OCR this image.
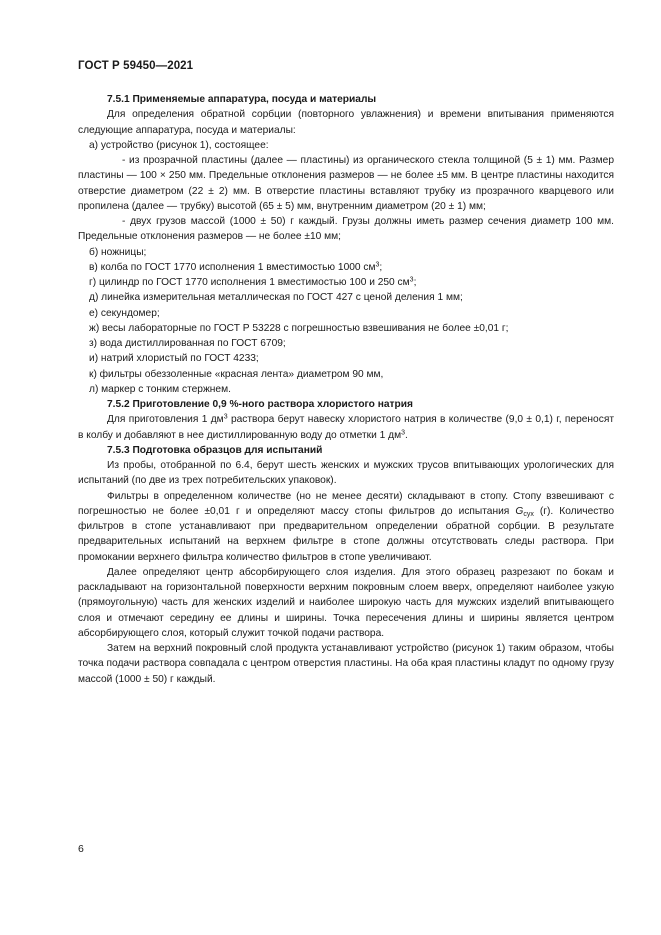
ГОСТ Р 59450—2021

7.5.1 Применяемые аппаратура, посуда и материалы

Для определения обратной сорбции (повторного увлажнения) и времени впитывания применяются следующие аппаратура, посуда и материалы:

а) устройство (рисунок 1), состоящее:

- из прозрачной пластины (далее — пластины) из органического стекла толщиной (5 ± 1) мм. Размер пластины — 100 × 250 мм. Предельные отклонения размеров — не более ±5 мм. В центре пластины находится отверстие диаметром (22 ± 2) мм. В отверстие пластины вставляют трубку из прозрачного кварцевого или пропилена (далее — трубку) высотой (65 ± 5) мм, внутренним диаметром (20 ± 1) мм;

- двух грузов массой (1000 ± 50) г каждый. Грузы должны иметь размер сечения диаметр 100 мм. Предельные отклонения размеров — не более ±10 мм;

б) ножницы;

в) колба по ГОСТ 1770 исполнения 1 вместимостью 1000 $см^3$;

г) цилиндр по ГОСТ 1770 исполнения 1 вместимостью 100 и 250 $см^3$;

д) линейка измерительная металлическая по ГОСТ 427 с ценой деления 1 мм;

е) секундомер;

ж) весы лабораторные по ГОСТ Р 53228 с погрешностью взвешивания не более ±0,01 г;

з) вода дистиллированная по ГОСТ 6709;

и) натрий хлористый по ГОСТ 4233;

к) фильтры обеззоленные «красная лента» диаметром 90 мм,

л) маркер с тонким стержнем.

7.5.2 Приготовление 0,9 %-ного раствора хлористого натрия

Для приготовления 1 $дм^3$ раствора берут навеску хлористого натрия в количестве (9,0 ± 0,1) г, переносят в колбу и добавляют в нее дистиллированную воду до отметки 1 $дм^3$.

7.5.3 Подготовка образцов для испытаний

Из пробы, отобранной по 6.4, берут шесть женских и мужских трусов впитывающих урологических для испытаний (по две из трех потребительских упаковок).

Фильтры в определенном количестве (но не менее десяти) складывают в стопу. Стопу взвешивают с погрешностью не более ±0,01 г и определяют массу стопы фильтров до испытания $G_{сух}$ (г). Количество фильтров в стопе устанавливают при предварительном определении обратной сорбции. В результате предварительных испытаний на верхнем фильтре в стопе должны отсутствовать следы раствора. При промокании верхнего фильтра количество фильтров в стопе увеличивают.

Далее определяют центр абсорбирующего слоя изделия. Для этого образец разрезают по бокам и раскладывают на горизонтальной поверхности верхним покровным слоем вверх, определяют наиболее узкую (прямоугольную) часть для женских изделий и наиболее широкую часть для мужских изделий впитывающего слоя и отмечают середину ее длины и ширины. Точка пересечения длины и ширины является центром абсорбирующего слоя, который служит точкой подачи раствора.

Затем на верхний покровный слой продукта устанавливают устройство (рисунок 1) таким образом, чтобы точка подачи раствора совпадала с центром отверстия пластины. На оба края пластины кладут по одному грузу массой (1000 ± 50) г каждый.

6
